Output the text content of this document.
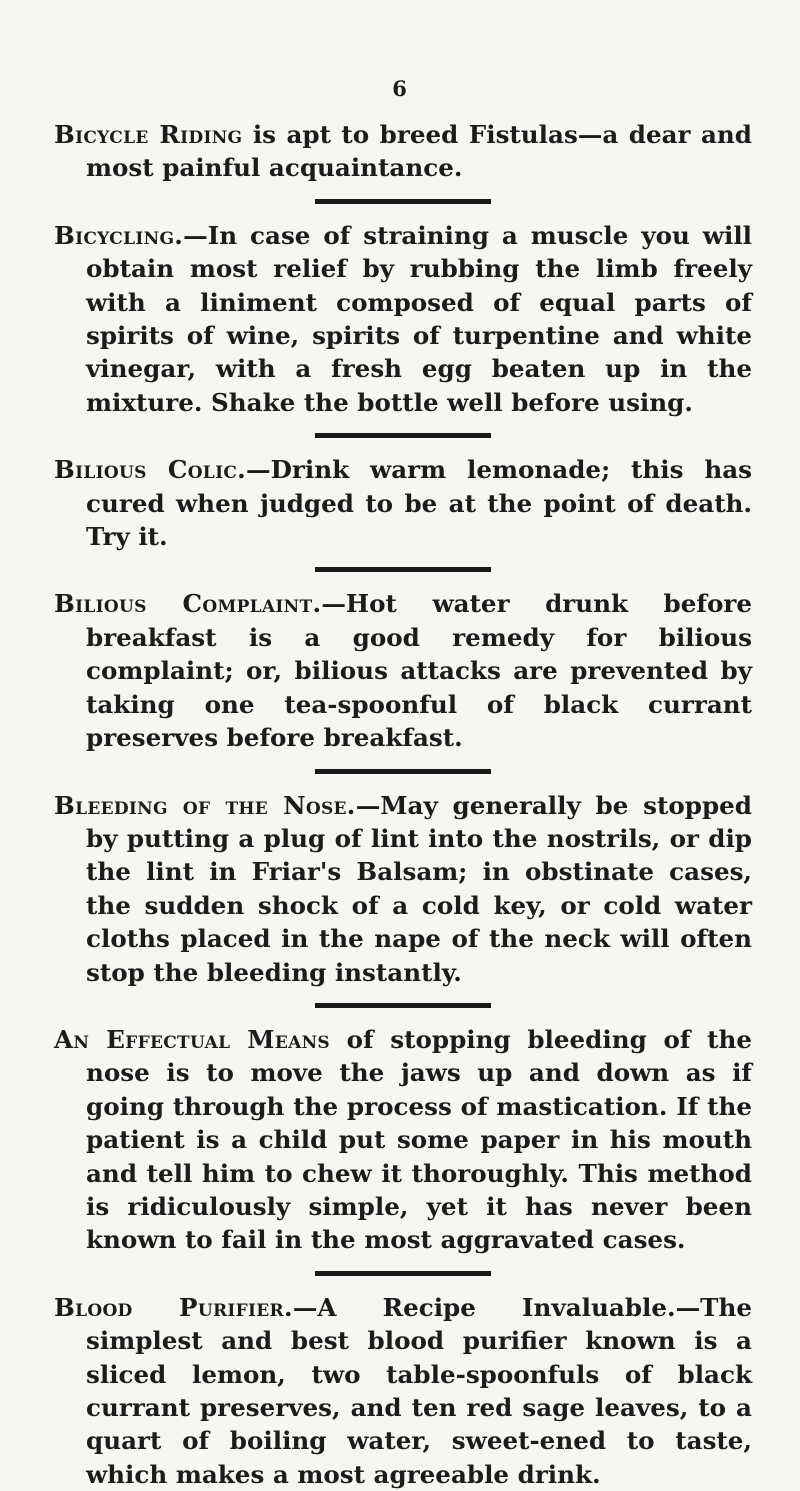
6

Bicycle Riding is apt to breed Fistulas—a dear and most painful acquaintance.

Bicycling.—In case of straining a muscle you will obtain most relief by rubbing the limb freely with a liniment composed of equal parts of spirits of wine, spirits of turpentine and white vinegar, with a fresh egg beaten up in the mixture. Shake the bottle well before using.

Bilious Colic.—Drink warm lemonade; this has cured when judged to be at the point of death. Try it.

Bilious Complaint.—Hot water drunk before breakfast is a good remedy for bilious complaint; or, bilious attacks are prevented by taking one tea-spoonful of black currant preserves before breakfast.

Bleeding of the Nose.—May generally be stopped by putting a plug of lint into the nostrils, or dip the lint in Friar's Balsam; in obstinate cases, the sudden shock of a cold key, or cold water cloths placed in the nape of the neck will often stop the bleeding instantly.

An Effectual Means of stopping bleeding of the nose is to move the jaws up and down as if going through the process of mastication. If the patient is a child put some paper in his mouth and tell him to chew it thoroughly. This method is ridiculously simple, yet it has never been known to fail in the most aggravated cases.

Blood Purifier.—A Recipe Invaluable.—The simplest and best blood purifier known is a sliced lemon, two table-spoonfuls of black currant preserves, and ten red sage leaves, to a quart of boiling water, sweet-ened to taste, which makes a most agreeable drink.
